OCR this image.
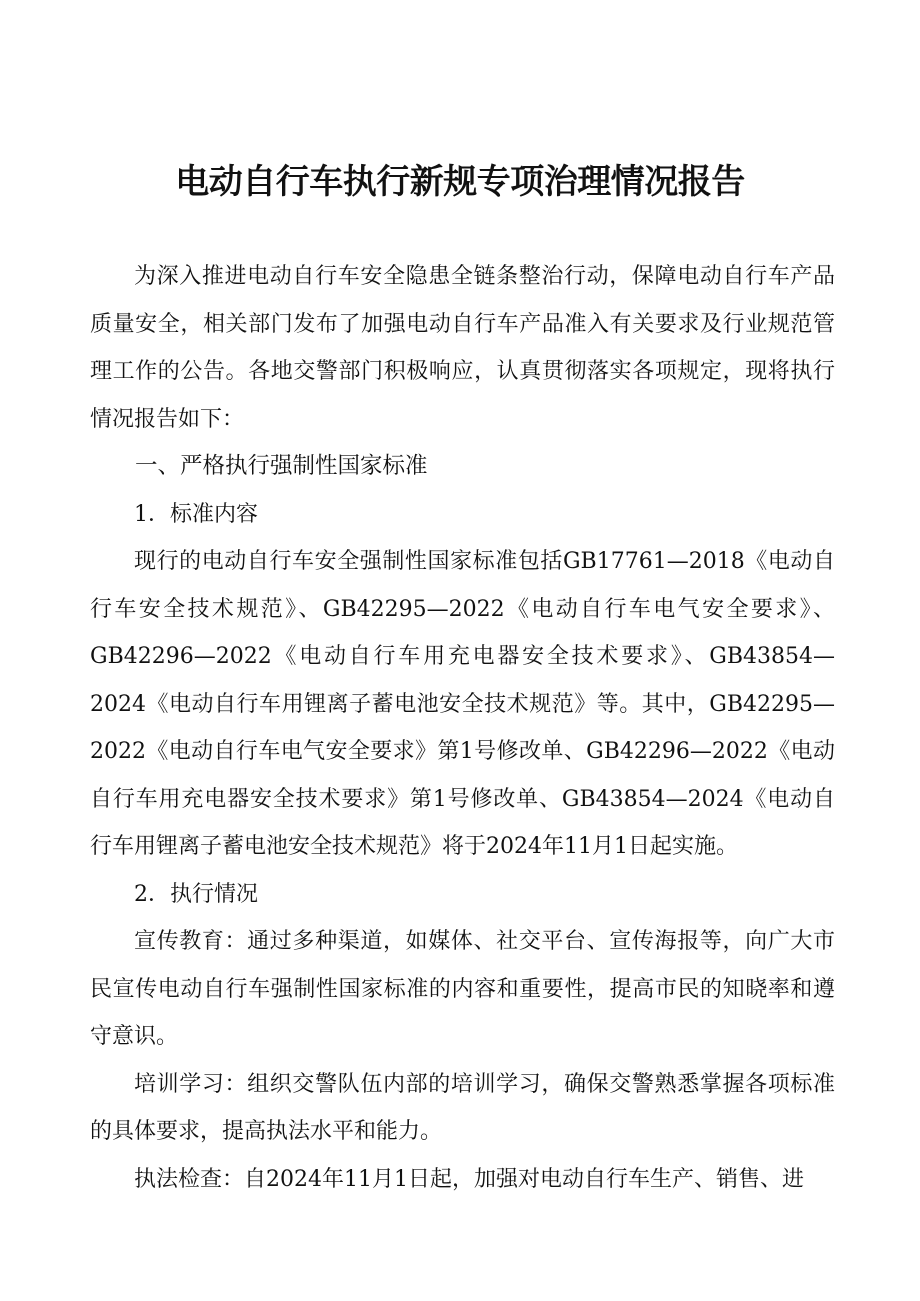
电动自行车执行新规专项治理情况报告

为深入推进电动自行车安全隐患全链条整治行动，保障电动自行车产品质量安全，相关部门发布了加强电动自行车产品准入有关要求及行业规范管理工作的公告。各地交警部门积极响应，认真贯彻落实各项规定，现将执行情况报告如下：

一、严格执行强制性国家标准

1．标准内容

现行的电动自行车安全强制性国家标准包括GB17761—2018《电动自行车安全技术规范》、GB42295—2022《电动自行车电气安全要求》、GB42296—2022《电动自行车用充电器安全技术要求》、GB43854—2024《电动自行车用锂离子蓄电池安全技术规范》等。其中，GB42295—2022《电动自行车电气安全要求》第1号修改单、GB42296—2022《电动自行车用充电器安全技术要求》第1号修改单、GB43854—2024《电动自行车用锂离子蓄电池安全技术规范》将于2024年11月1日起实施。

2．执行情况

宣传教育：通过多种渠道，如媒体、社交平台、宣传海报等，向广大市民宣传电动自行车强制性国家标准的内容和重要性，提高市民的知晓率和遵守意识。

培训学习：组织交警队伍内部的培训学习，确保交警熟悉掌握各项标准的具体要求，提高执法水平和能力。

执法检查：自2024年11月1日起，加强对电动自行车生产、销售、进
